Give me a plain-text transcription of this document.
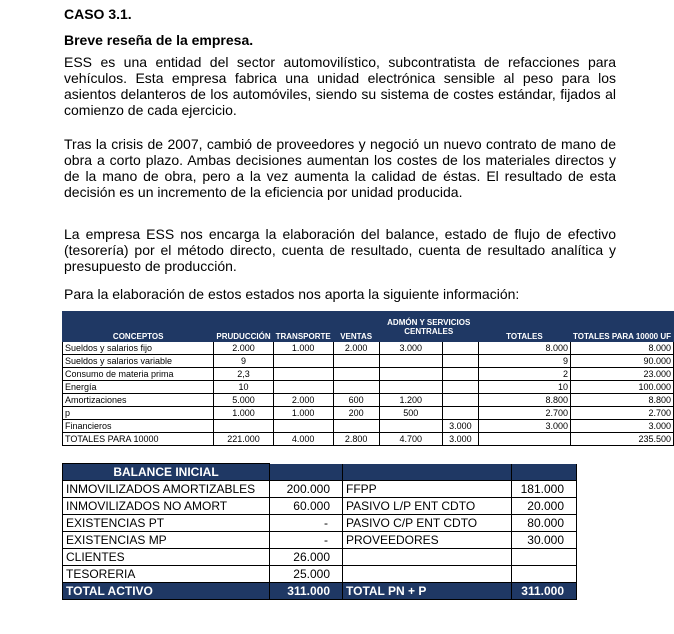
CASO 3.1.
Breve reseña de la empresa.

ESS es una entidad del sector automovilístico, subcontratista de refacciones para vehículos. Esta empresa fabrica una unidad electrónica sensible al peso para los asientos delanteros de los automóviles, siendo su sistema de costes estándar, fijados al comienzo de cada ejercicio.

Tras la crisis de 2007, cambió de proveedores y negoció un nuevo contrato de mano de obra a corto plazo. Ambas decisiones aumentan los costes de los materiales directos y de la mano de obra, pero a la vez aumenta la calidad de éstas. El resultado de esta decisión es un incremento de la eficiencia por unidad producida.

La empresa ESS nos encarga la elaboración del balance, estado de flujo de efectivo (tesorería) por el método directo, cuenta de resultado, cuenta de resultado analítica y presupuesto de producción.

Para la elaboración de estos estados nos aporta la siguiente información:

CONCEPTOS	PRUDUCCIÓN	TRANSPORTE	VENTAS	ADMÓN Y SERVICIOS CENTRALES		TOTALES	TOTALES PARA 10000 UF
Sueldos y salarios fijo	2.000	1.000	2.000	3.000		8.000	8.000
Sueldos y salarios variable	9					9	90.000
Consumo de materia prima	2,3					2	23.000
Energía	10					10	100.000
Amortizaciones	5.000	2.000	600	1.200		8.800	8.800
p	1.000	1.000	200	500		2.700	2.700
Financieros					3.000	3.000	3.000
TOTALES PARA 10000	221.000	4.000	2.800	4.700	3.000		235.500
BALANCE INICIAL			
INMOVILIZADOS AMORTIZABLES	200.000	FFPP	181.000
INMOVILIZADOS NO AMORT	60.000	PASIVO L/P ENT CDTO	20.000
EXISTENCIAS PT	-	PASIVO C/P ENT CDTO	80.000
EXISTENCIAS MP	-	PROVEEDORES	30.000
CLIENTES	26.000		
TESORERIA	25.000		
TOTAL ACTIVO	311.000	TOTAL PN + P	311.000
